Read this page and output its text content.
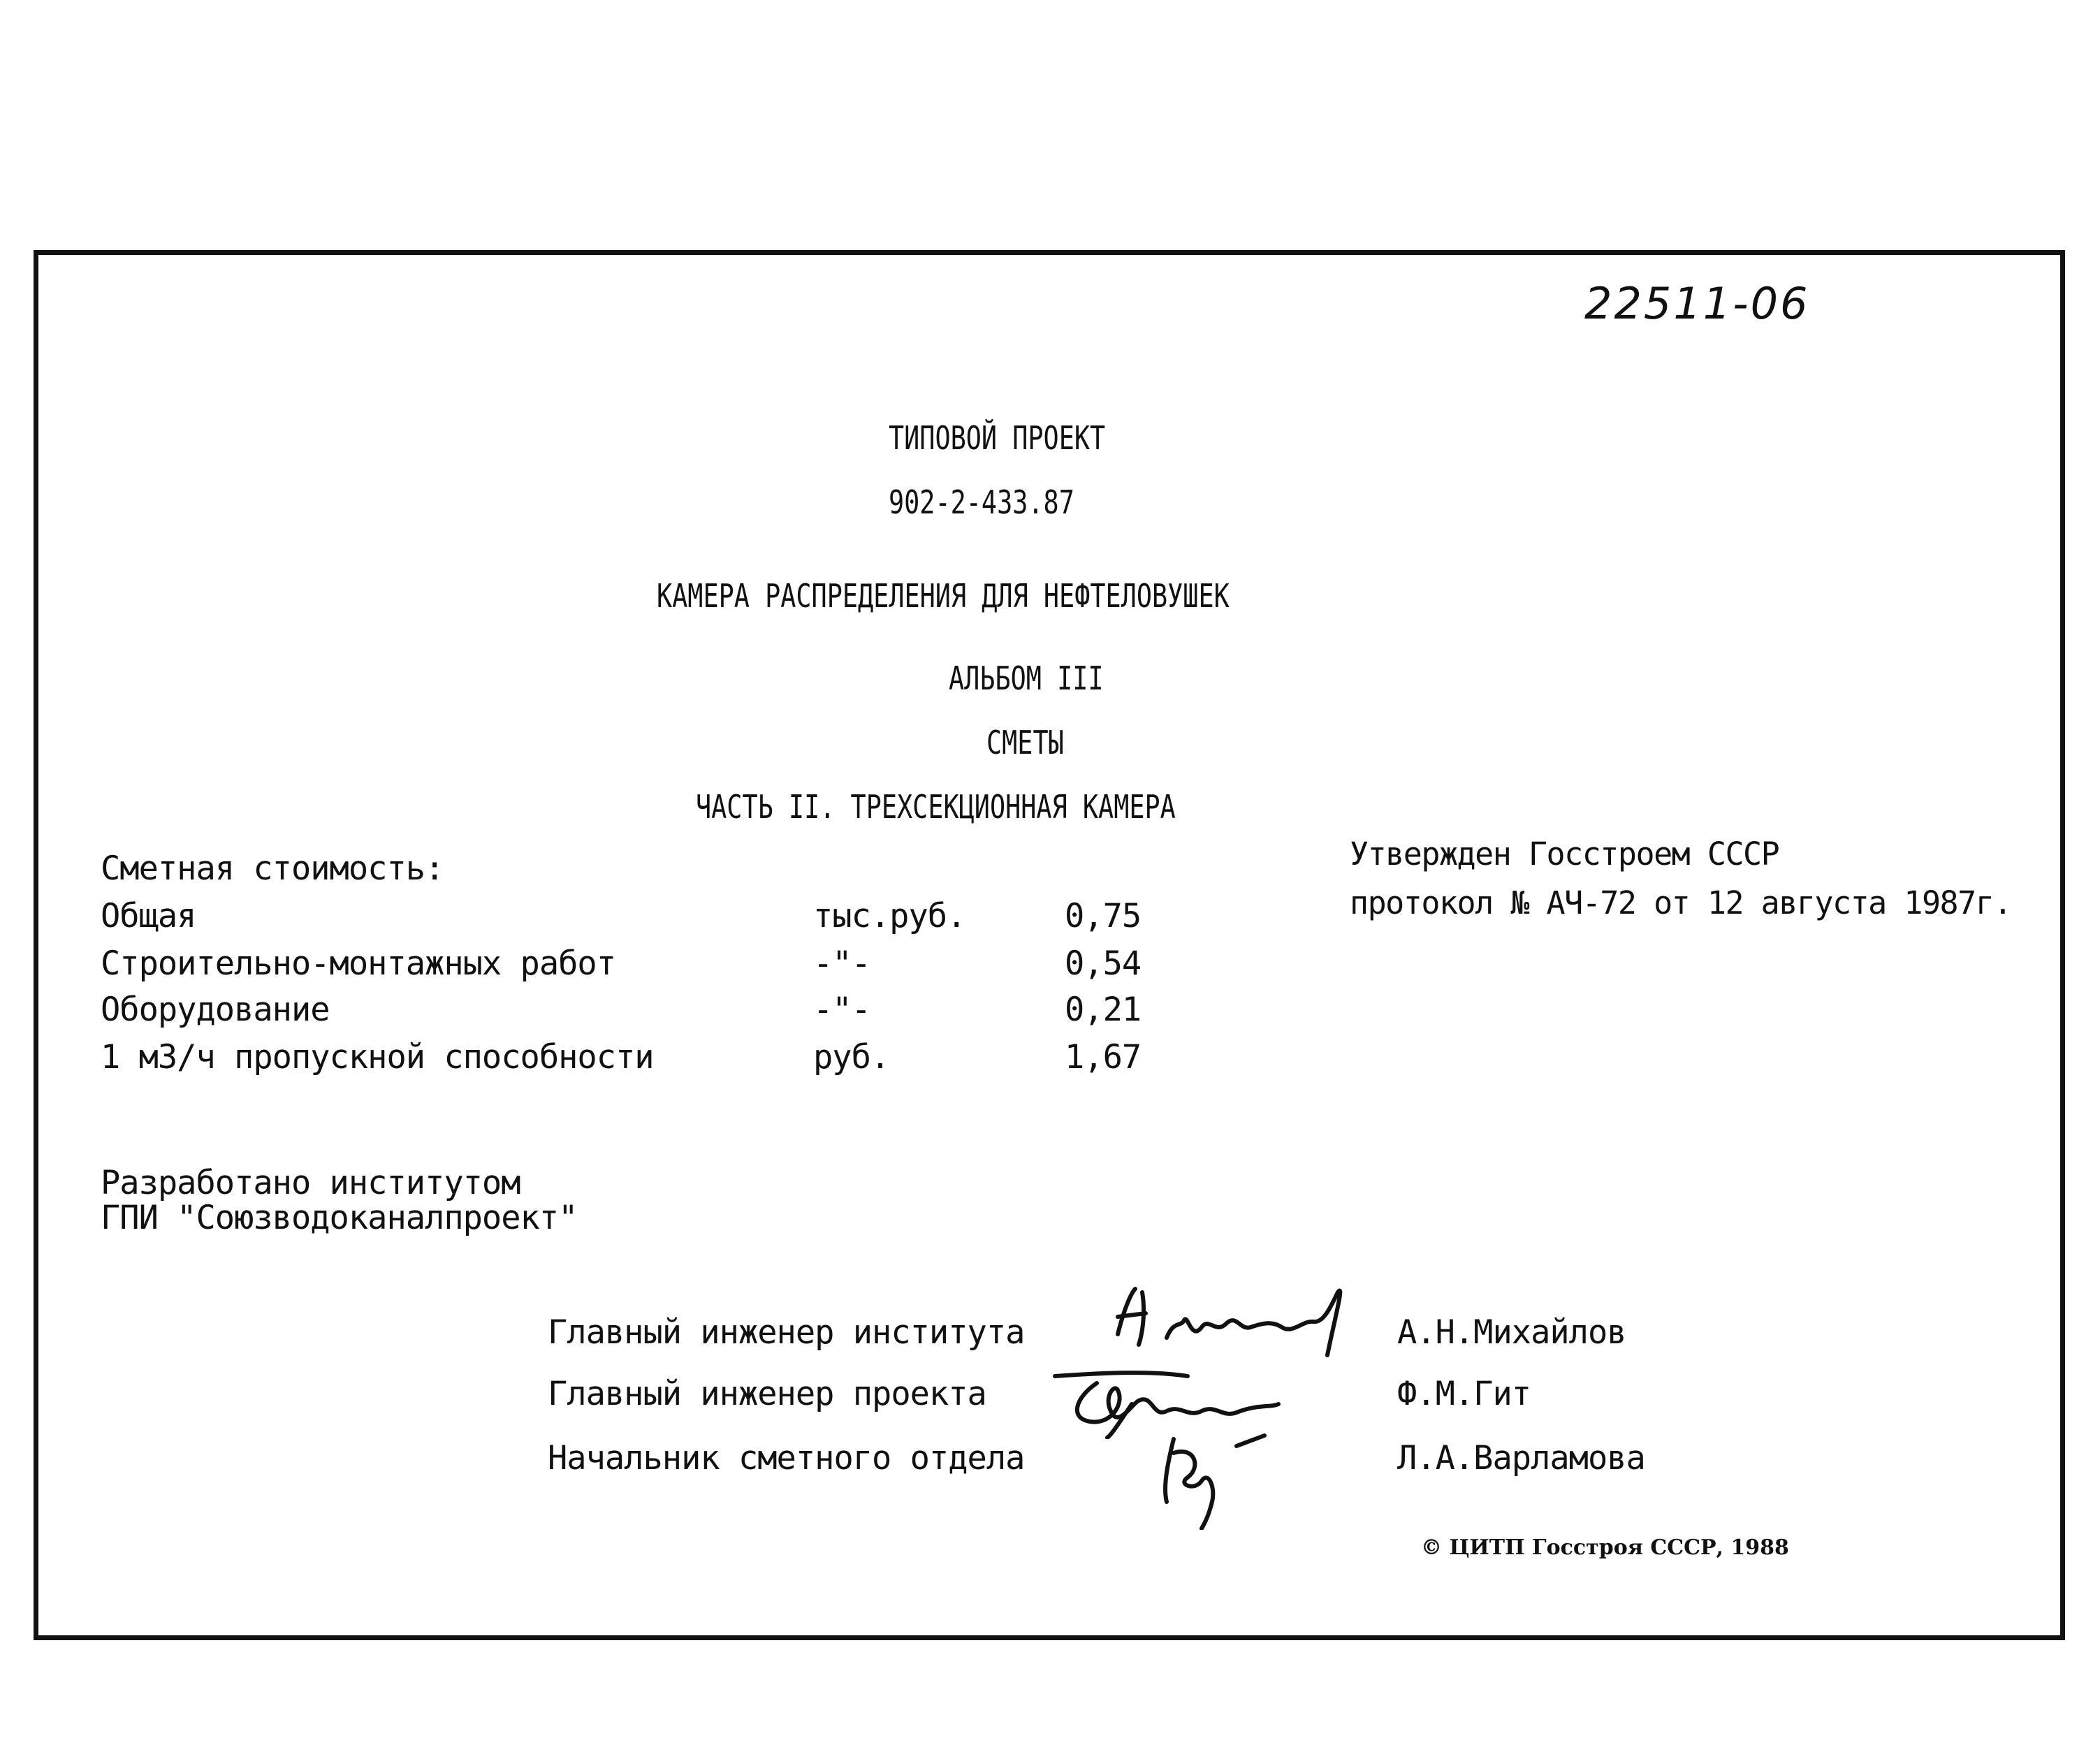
22511-06
ТИПОВОЙ ПРОЕКТ
902-2-433.87
КАМЕРА РАСПРЕДЕЛЕНИЯ ДЛЯ НЕФТЕЛОВУШЕК
АЛЬБОМ III
СМЕТЫ
ЧАСТЬ II. ТРЕХСЕКЦИОННАЯ КАМЕРА
Сметная стоимость:
Общая	тыс.руб.	0,75
Строительно-монтажных работ	-"-	0,54
Оборудование	-"-	0,21
1 м3/ч пропускной способности	руб.	1,67
Утвержден Госстроем СССР
протокол № АЧ-72 от 12 августа 1987г.
Разработано институтом
ГПИ "Союзводоканалпроект"
Главный инженер института	А.Н.Михайлов
Главный инженер проекта	Ф.М.Гит
Начальник сметного отдела	Л.А.Варламова
© ЦИТП Госстроя СССР, 1988
